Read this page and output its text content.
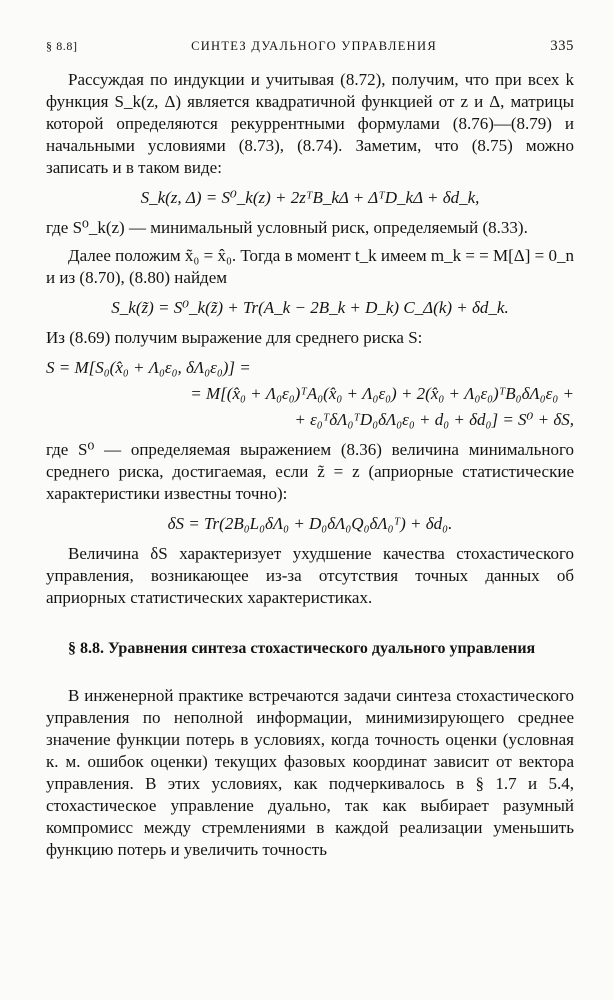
§ 8.8]	СИНТЕЗ ДУАЛЬНОГО УПРАВЛЕНИЯ	335

Рассуждая по индукции и учитывая (8.72), получим, что при всех k функция S_k(z, Δ) является квадратичной функцией от z и Δ, матрицы которой определяются рекуррентными формулами (8.76)—(8.79) и начальными условиями (8.73), (8.74). Заметим, что (8.75) можно записать и в таком виде:

S_k(z, Δ) = S⁰_k(z) + 2zᵀB_kΔ + ΔᵀD_kΔ + δd_k,

где S⁰_k(z) — минимальный условный риск, определяемый (8.33).

Далее положим x̃₀ = x̂₀. Тогда в момент t_k имеем m_k = = M[Δ] = 0_n и из (8.70), (8.80) найдем

S_k(z̃) = S⁰_k(z̃) + Tr(A_k − 2B_k + D_k) C_Δ(k) + δd_k.

Из (8.69) получим выражение для среднего риска S:

S = M[S₀(x̂₀ + Λ₀ε₀, δΛ₀ε₀)] =
= M[(x̂₀ + Λ₀ε₀)ᵀA₀(x̂₀ + Λ₀ε₀) + 2(x̂₀ + Λ₀ε₀)ᵀB₀δΛ₀ε₀ +
+ ε₀ᵀδΛ₀ᵀD₀δΛ₀ε₀ + d₀ + δd₀] = S⁰ + δS,

где S⁰ — определяемая выражением (8.36) величина минимального среднего риска, достигаемая, если z̃ = z (априорные статистические характеристики известны точно):

δS = Tr(2B₀L₀δΛ₀ + D₀δΛ₀Q₀δΛ₀ᵀ) + δd₀.

Величина δS характеризует ухудшение качества стохастического управления, возникающее из-за отсутствия точных данных об априорных статистических характеристиках.

§ 8.8. Уравнения синтеза стохастического дуального управления

В инженерной практике встречаются задачи синтеза стохастического управления по неполной информации, минимизирующего среднее значение функции потерь в условиях, когда точность оценки (условная к. м. ошибок оценки) текущих фазовых координат зависит от вектора управления. В этих условиях, как подчеркивалось в § 1.7 и 5.4, стохастическое управление дуально, так как выбирает разумный компромисс между стремлениями в каждой реализации уменьшить функцию потерь и увеличить точность
